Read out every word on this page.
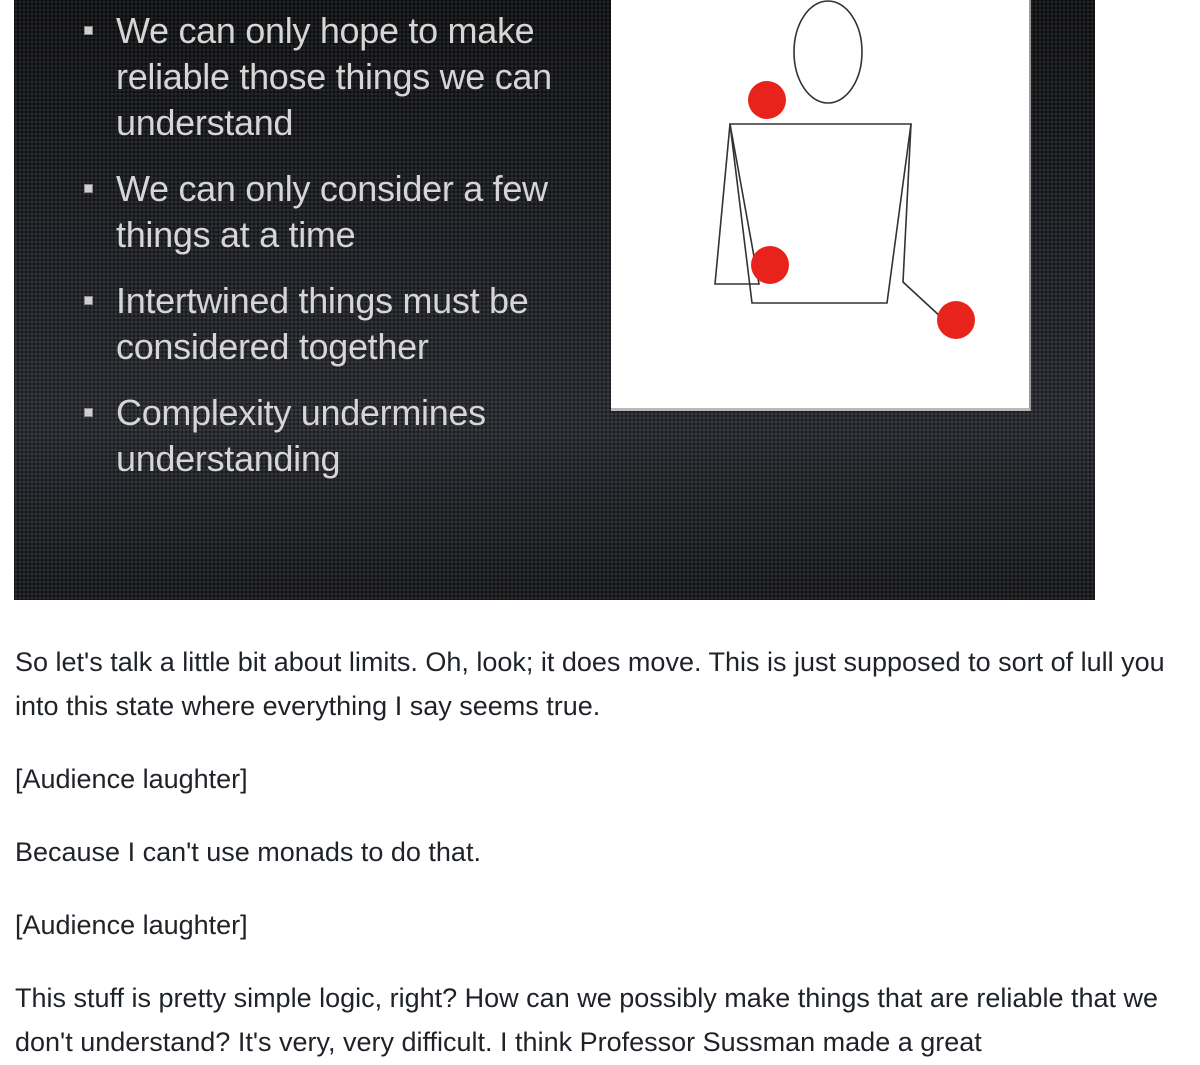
We can only hope to make reliable those things we can understand
We can only consider a few things at a time
Intertwined things must be considered together
Complexity undermines understanding

So let's talk a little bit about limits. Oh, look; it does move. This is just supposed to sort of lull you into this state where everything I say seems true.

[Audience laughter]

Because I can't use monads to do that.

[Audience laughter]

This stuff is pretty simple logic, right? How can we possibly make things that are reliable that we don't understand? It's very, very difficult. I think Professor Sussman made a great
